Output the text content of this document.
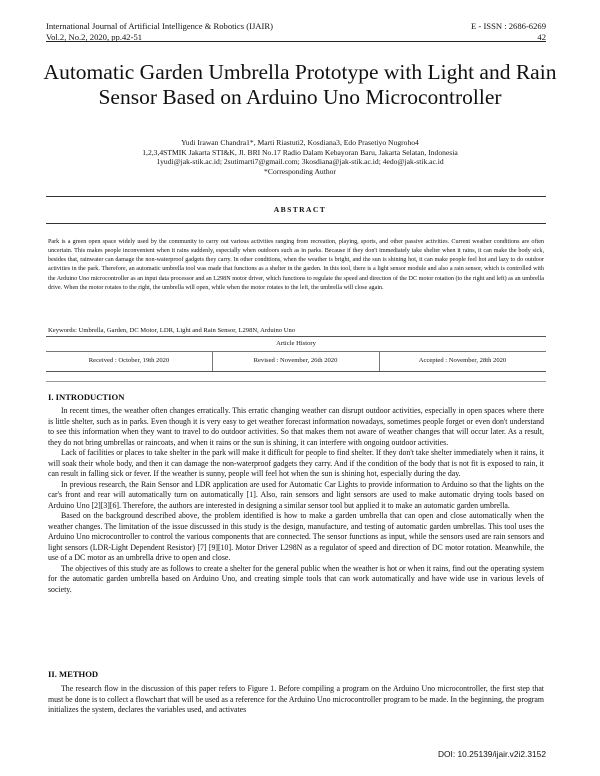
International Journal of Artificial Intelligence & Robotics (IJAIR)
Vol.2, No.2, 2020, pp.42-51
E - ISSN : 2686-6269
42
Automatic Garden Umbrella Prototype with Light and Rain Sensor Based on Arduino Uno Microcontroller
Yudi Irawan Chandra1*, Marti Riastuti2, Kosdiana3, Edo Prasetiyo Nugroho4
1,2,3,4STMIK Jakarta STI&K, Jl. BRI No.17 Radio Dalam Kebayoran Baru, Jakarta Selatan, Indonesia
1yudi@jak-stik.ac.id; 2sutimarti7@gmail.com; 3kosdiana@jak-stik.ac.id; 4edo@jak-stik.ac.id
*Corresponding Author
ABSTRACT
Park is a green open space widely used by the community to carry out various activities ranging from recreation, playing, sports, and other passive activities. Current weather conditions are often uncertain. This makes people inconvenient when it rains suddenly, especially when outdoors such as in parks. Because if they don't immediately take shelter when it rains, it can make the body sick, besides that, rainwater can damage the non-waterproof gadgets they carry. In other conditions, when the weather is bright, and the sun is shining hot, it can make people feel hot and lazy to do outdoor activities in the park. Therefore, an automatic umbrella tool was made that functions as a shelter in the garden. In this tool, there is a light sensor module and also a rain sensor, which is controlled with the Arduino Uno microcontroller as an input data processor and an L298N motor driver, which functions to regulate the speed and direction of the DC motor rotation (to the right and left) as an umbrella drive. When the motor rotates to the right, the umbrella will open, while when the motor rotates to the left, the umbrella will close again.
Keywords: Umbrella, Garden, DC Motor, LDR, Light and Rain Sensor, L298N, Arduino Uno
Article History
Received : October, 19th 2020	Revised : November, 26th 2020	Accepted : November, 28th 2020
I. INTRODUCTION

In recent times, the weather often changes erratically. This erratic changing weather can disrupt outdoor activities, especially in open spaces where there is little shelter, such as in parks. Even though it is very easy to get weather forecast information nowadays, sometimes people forget or even don't understand to see this information when they want to travel to do outdoor activities. So that makes them not aware of weather changes that will occur later. As a result, they do not bring umbrellas or raincoats, and when it rains or the sun is shining, it can interfere with ongoing outdoor activities.

Lack of facilities or places to take shelter in the park will make it difficult for people to find shelter. If they don't take shelter immediately when it rains, it will soak their whole body, and then it can damage the non-waterproof gadgets they carry. And if the condition of the body that is not fit is exposed to rain, it can result in falling sick or fever. If the weather is sunny, people will feel hot when the sun is shining hot, especially during the day.

In previous research, the Rain Sensor and LDR application are used for Automatic Car Lights to provide information to Arduino so that the lights on the car's front and rear will automatically turn on automatically [1]. Also, rain sensors and light sensors are used to make automatic drying tools based on Arduino Uno [2][3][6]. Therefore, the authors are interested in designing a similar sensor tool but applied it to make an automatic garden umbrella.

Based on the background described above, the problem identified is how to make a garden umbrella that can open and close automatically when the weather changes. The limitation of the issue discussed in this study is the design, manufacture, and testing of automatic garden umbrellas. This tool uses the Arduino Uno microcontroller to control the various components that are connected. The sensor functions as input, while the sensors used are rain sensors and light sensors (LDR-Light Dependent Resistor) [7] [9][10]. Motor Driver L298N as a regulator of speed and direction of DC motor rotation. Meanwhile, the use of a DC motor as an umbrella drive to open and close.

The objectives of this study are as follows to create a shelter for the general public when the weather is hot or when it rains, find out the operating system for the automatic garden umbrella based on Arduino Uno, and creating simple tools that can work automatically and have wide use in various levels of society.

II. METHOD

The research flow in the discussion of this paper refers to Figure 1. Before compiling a program on the Arduino Uno microcontroller, the first step that must be done is to collect a flowchart that will be used as a reference for the Arduino Uno microcontroller program to be made. In the beginning, the program initializes the system, declares the variables used, and activates

DOI: 10.25139/ijair.v2i2.3152
